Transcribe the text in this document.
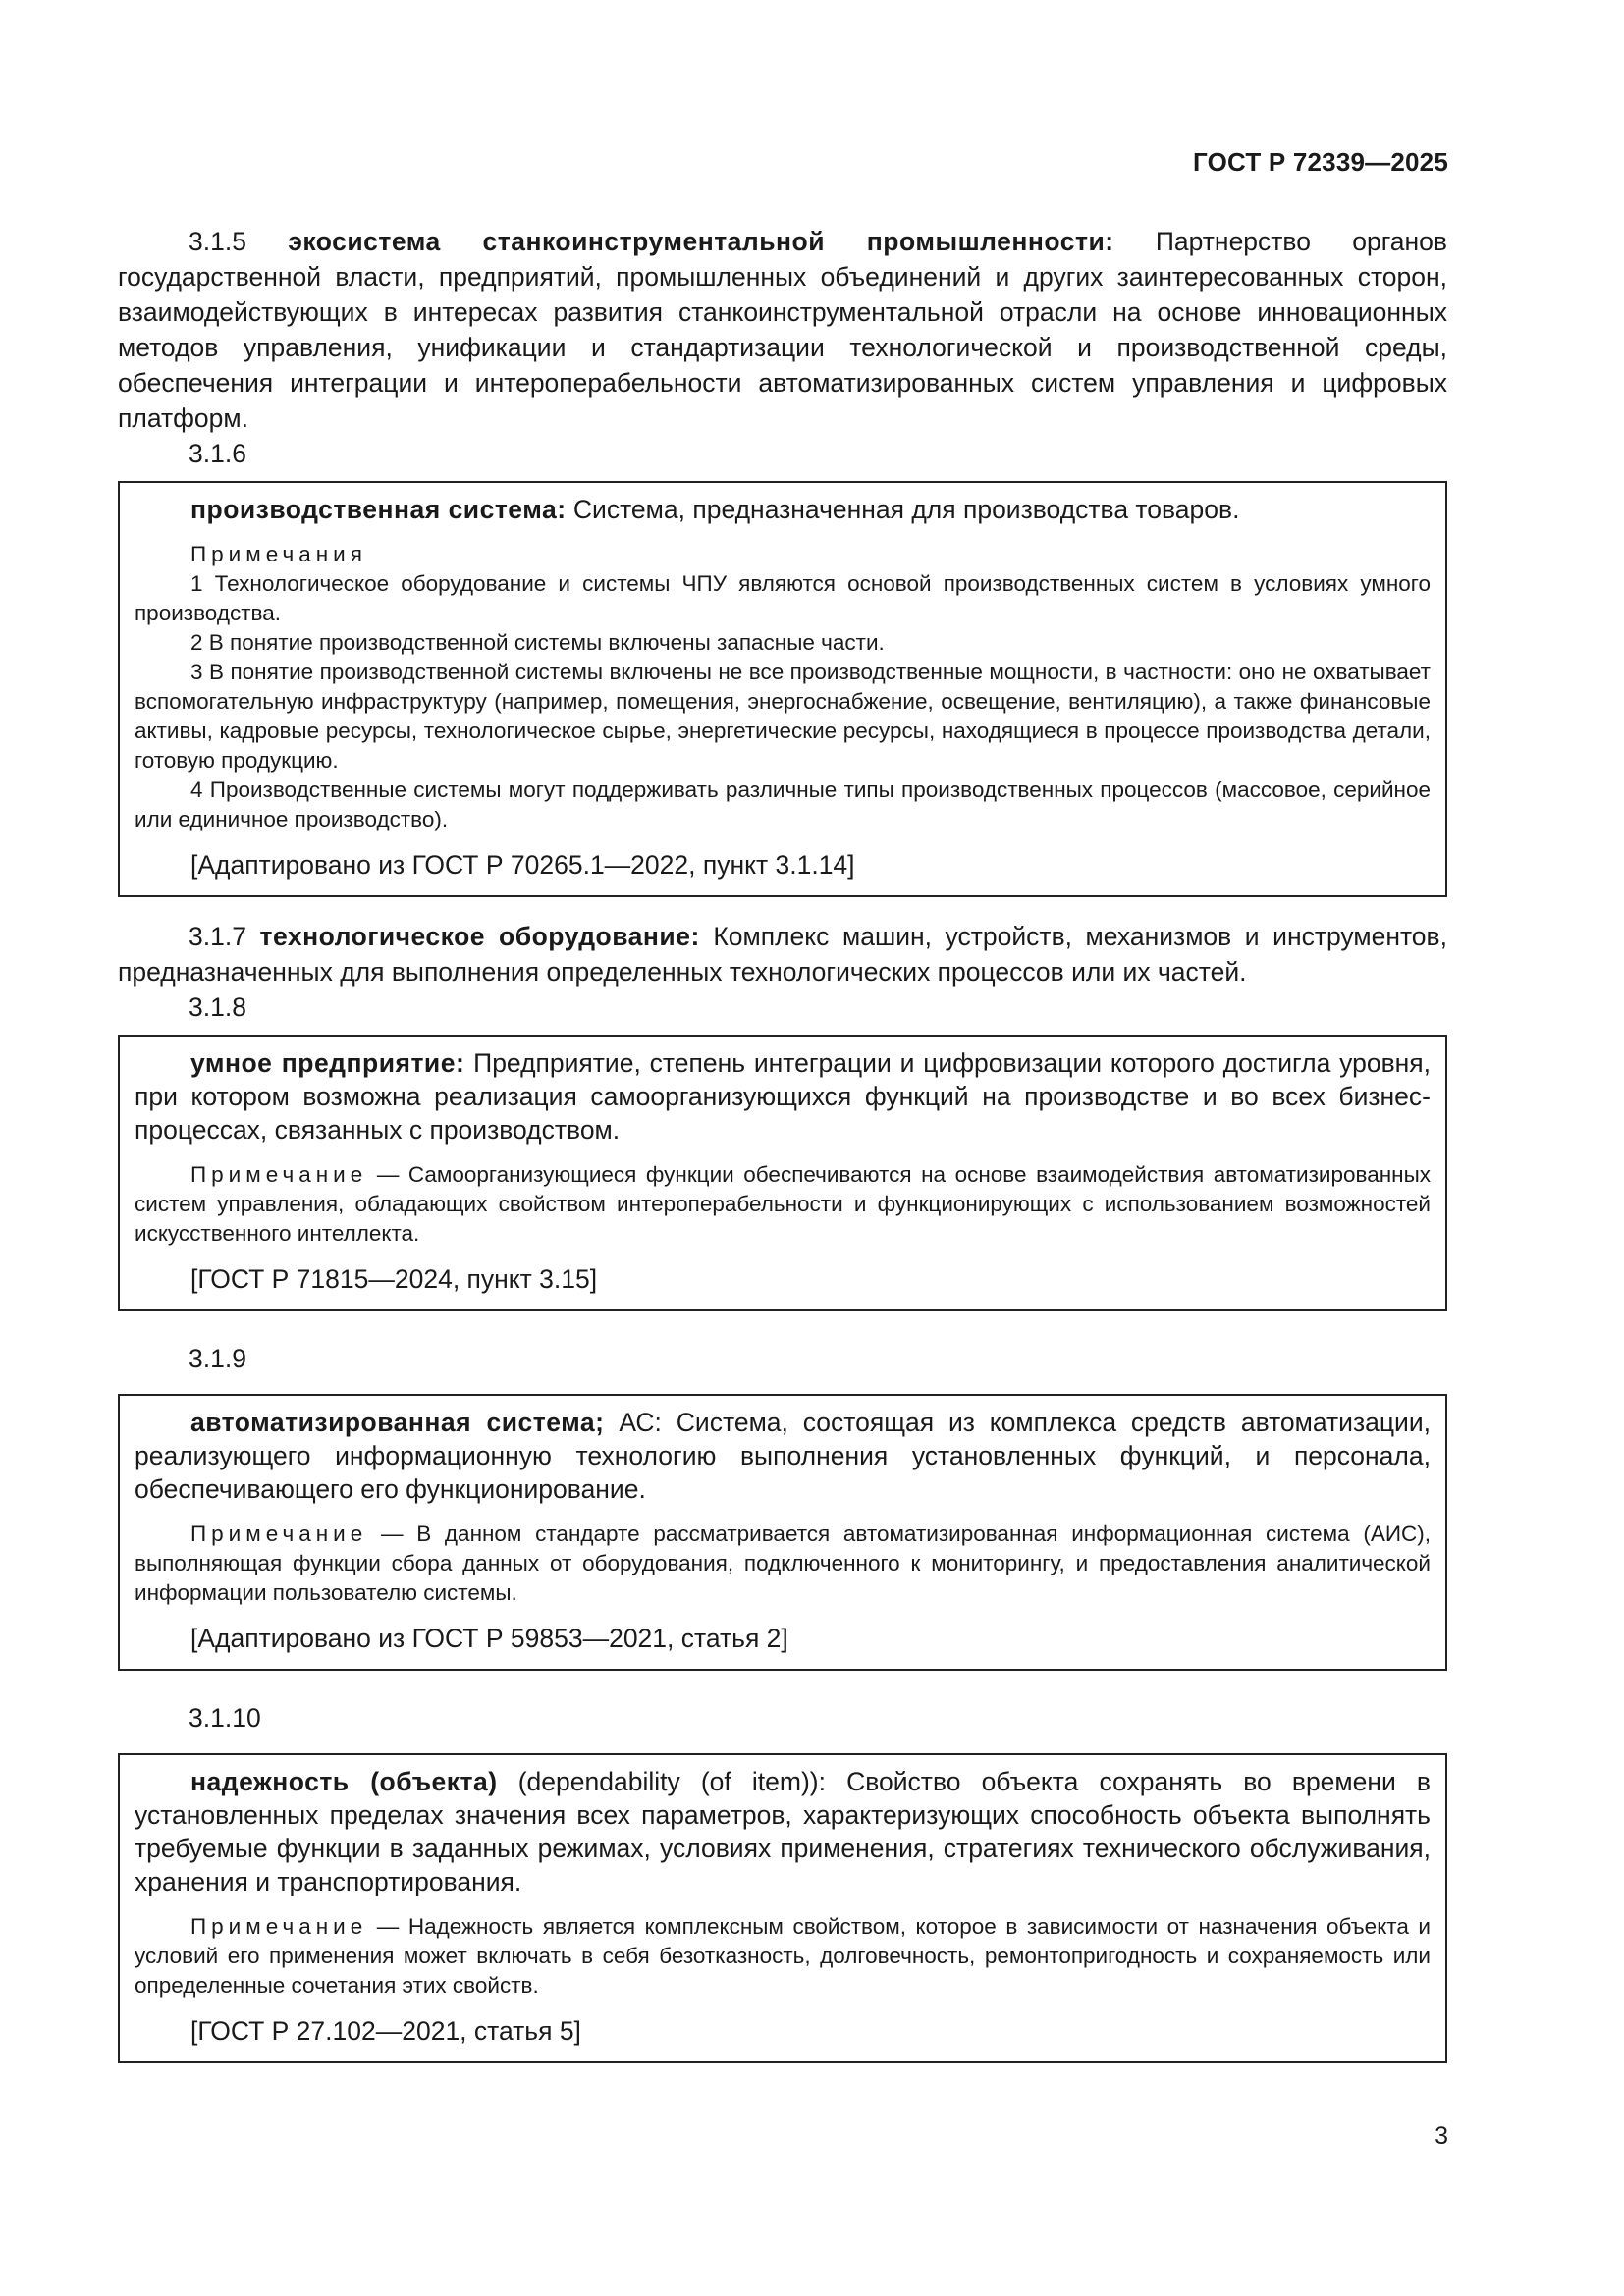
ГОСТ Р 72339—2025

3.1.5 экосистема станкоинструментальной промышленности: Партнерство органов государственной власти, предприятий, промышленных объединений и других заинтересованных сторон, взаимодействующих в интересах развития станкоинструментальной отрасли на основе инновационных методов управления, унификации и стандартизации технологической и производственной среды, обеспечения интеграции и интероперабельности автоматизированных систем управления и цифровых платформ.

3.1.6

производственная система: Система, предназначенная для производства товаров.

Примечания

1 Технологическое оборудование и системы ЧПУ являются основой производственных систем в условиях умного производства.

2 В понятие производственной системы включены запасные части.

3 В понятие производственной системы включены не все производственные мощности, в частности: оно не охватывает вспомогательную инфраструктуру (например, помещения, энергоснабжение, освещение, вентиляцию), а также финансовые активы, кадровые ресурсы, технологическое сырье, энергетические ресурсы, находящиеся в процессе производства детали, готовую продукцию.

4 Производственные системы могут поддерживать различные типы производственных процессов (массовое, серийное или единичное производство).

[Адаптировано из ГОСТ Р 70265.1—2022, пункт 3.1.14]

3.1.7 технологическое оборудование: Комплекс машин, устройств, механизмов и инструментов, предназначенных для выполнения определенных технологических процессов или их частей.

3.1.8

умное предприятие: Предприятие, степень интеграции и цифровизации которого достигла уровня, при котором возможна реализация самоорганизующихся функций на производстве и во всех бизнес-процессах, связанных с производством.

Примечание — Самоорганизующиеся функции обеспечиваются на основе взаимодействия автоматизированных систем управления, обладающих свойством интероперабельности и функционирующих с использованием возможностей искусственного интеллекта.

[ГОСТ Р 71815—2024, пункт 3.15]

3.1.9

автоматизированная система; АС: Система, состоящая из комплекса средств автоматизации, реализующего информационную технологию выполнения установленных функций, и персонала, обеспечивающего его функционирование.

Примечание — В данном стандарте рассматривается автоматизированная информационная система (АИС), выполняющая функции сбора данных от оборудования, подключенного к мониторингу, и предоставления аналитической информации пользователю системы.

[Адаптировано из ГОСТ Р 59853—2021, статья 2]

3.1.10

надежность (объекта) (dependability (of item)): Свойство объекта сохранять во времени в установленных пределах значения всех параметров, характеризующих способность объекта выполнять требуемые функции в заданных режимах, условиях применения, стратегиях технического обслуживания, хранения и транспортирования.

Примечание — Надежность является комплексным свойством, которое в зависимости от назначения объекта и условий его применения может включать в себя безотказность, долговечность, ремонтопригодность и сохраняемость или определенные сочетания этих свойств.

[ГОСТ Р 27.102—2021, статья 5]

3
